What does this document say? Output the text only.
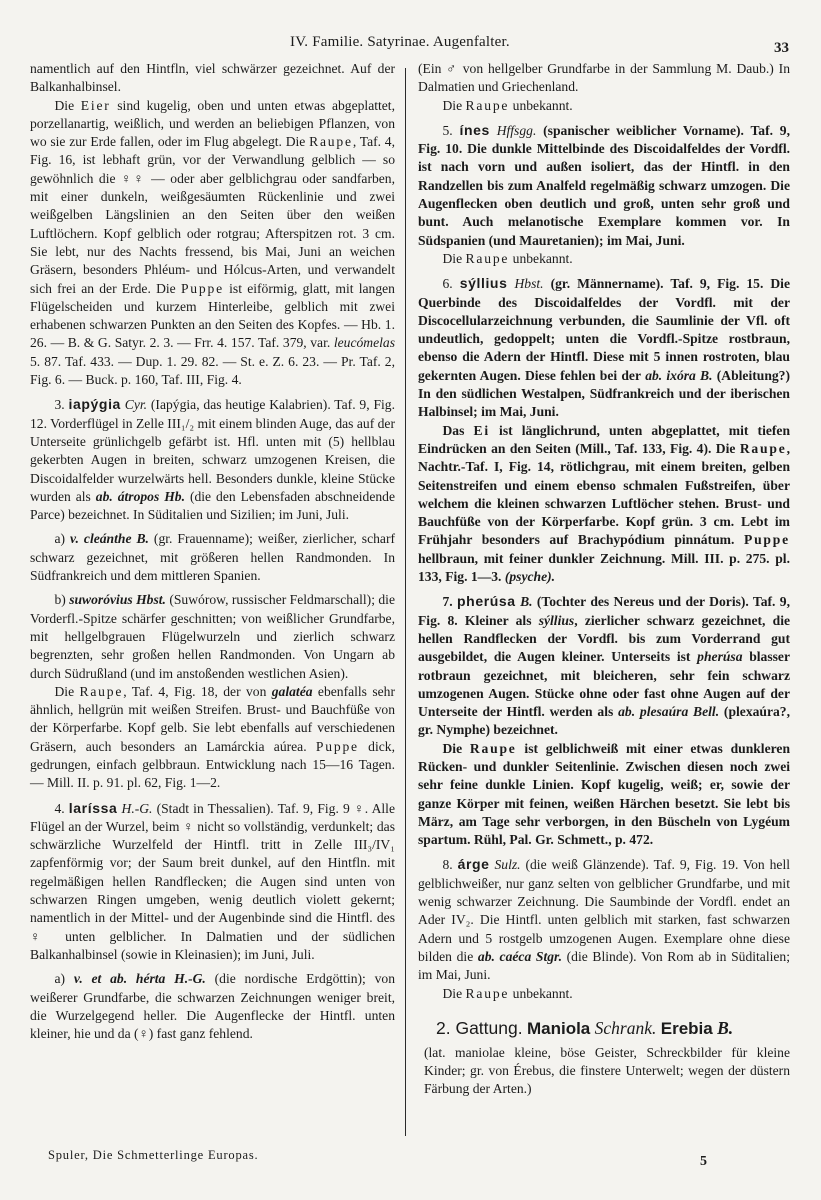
IV. Familie. Satyrinae. Augenfalter.	33

namentlich auf den Hintfln, viel schwärzer gezeichnet. Auf der Balkanhalbinsel.

Die Eier sind kugelig, oben und unten etwas abgeplattet, porzellanartig, weißlich, und werden an beliebigen Pflanzen, von wo sie zur Erde fallen, oder im Flug abgelegt. Die Raupe, Taf. 4, Fig. 16, ist lebhaft grün, vor der Verwandlung gelblich — so gewöhnlich die ♀♀ — oder aber gelblichgrau oder sandfarben, mit einer dunkeln, weißgesäumten Rückenlinie und zwei weißgelben Längslinien an den Seiten über den weißen Luftlöchern. Kopf gelblich oder rotgrau; Afterspitzen rot. 3 cm. Sie lebt, nur des Nachts fressend, bis Mai, Juni an weichen Gräsern, besonders Phléum- und Hólcus-Arten, und verwandelt sich frei an der Erde. Die Puppe ist eiförmig, glatt, mit langen Flügelscheiden und kurzem Hinterleibe, gelblich mit zwei erhabenen schwarzen Punkten an den Seiten des Kopfes. — Hb. 1. 26. — B. & G. Satyr. 2. 3. — Frr. 4. 157. Taf. 379, var. leucómelas 5. 87. Taf. 433. — Dup. 1. 29. 82. — St. e. Z. 6. 23. — Pr. Taf. 2, Fig. 6. — Buck. p. 160, Taf. III, Fig. 4.

3. iapýgia Cyr. (Iapýgia, das heutige Kalabrien). Taf. 9, Fig. 12. Vorderflügel in Zelle III₁/₂ mit einem blinden Auge, das auf der Unterseite grünlichgelb gefärbt ist. Hfl. unten mit (5) hellblau gekerbten Augen in breiten, schwarz umzogenen Kreisen, die Discoidalfelder wurzelwärts hell. Besonders dunkle, kleine Stücke wurden als ab. átropos Hb. (die den Lebensfaden abschneidende Parce) bezeichnet. In Süditalien und Sizilien; im Juni, Juli.

a) v. cleánthe B. (gr. Frauenname); weißer, zierlicher, scharf schwarz gezeichnet, mit größeren hellen Randmonden. In Südfrankreich und dem mittleren Spanien.

b) suworóvius Hbst. (Suwórow, russischer Feldmarschall); die Vorderfl.-Spitze schärfer geschnitten; von weißlicher Grundfarbe, mit hellgelbgrauen Flügelwurzeln und zierlich schwarz begrenzten, sehr großen hellen Randmonden. Von Ungarn ab durch Südrußland (und im anstoßenden westlichen Asien).

Die Raupe, Taf. 4, Fig. 18, der von galatéa ebenfalls sehr ähnlich, hellgrün mit weißen Streifen. Brust- und Bauchfüße von der Körperfarbe. Kopf gelb. Sie lebt ebenfalls auf verschiedenen Gräsern, auch besonders an Lamárckia aúrea. Puppe dick, gedrungen, einfach gelbbraun. Entwicklung nach 15—16 Tagen. — Mill. II. p. 91. pl. 62, Fig. 1—2.

4. laríssa H.-G. (Stadt in Thessalien). Taf. 9, Fig. 9 ♀. Alle Flügel an der Wurzel, beim ♀ nicht so vollständig, verdunkelt; das schwärzliche Wurzelfeld der Hintfl. tritt in Zelle III₃/IV₁ zapfenförmig vor; der Saum breit dunkel, auf den Hintfln. mit regelmäßigen hellen Randflecken; die Augen sind unten von schwarzen Ringen umgeben, wenig deutlich violett gekernt; namentlich in der Mittel- und der Augenbinde sind die Hintfl. des ♀ unten gelblicher. In Dalmatien und der südlichen Balkanhalbinsel (sowie in Kleinasien); im Juni, Juli.

a) v. et ab. hérta H.-G. (die nordische Erdgöttin); von weißerer Grundfarbe, die schwarzen Zeichnungen weniger breit, die Wurzelgegend heller. Die Augenflecke der Hintfl. unten kleiner, hie und da (♀) fast ganz fehlend.

(Ein ♂ von hellgelber Grundfarbe in der Sammlung M. Daub.) In Dalmatien und Griechenland.

Die Raupe unbekannt.

5. ínes Hffsgg. (spanischer weiblicher Vorname). Taf. 9, Fig. 10. Die dunkle Mittelbinde des Discoidalfeldes der Vordfl. ist nach vorn und außen isoliert, das der Hintfl. in den Randzellen bis zum Analfeld regelmäßig schwarz umzogen. Die Augenflecken oben deutlich und groß, unten sehr groß und bunt. Auch melanotische Exemplare kommen vor. In Südspanien (und Mauretanien); im Mai, Juni.

Die Raupe unbekannt.

6. sýllius Hbst. (gr. Männername). Taf. 9, Fig. 15. Die Querbinde des Discoidalfeldes der Vordfl. mit der Discocellularzeichnung verbunden, die Saumlinie der Vfl. oft undeutlich, gedoppelt; unten die Vordfl.-Spitze rostbraun, ebenso die Adern der Hintfl. Diese mit 5 innen rostroten, blau gekernten Augen. Diese fehlen bei der ab. ixóra B. (Ableitung?) In den südlichen Westalpen, Südfrankreich und der iberischen Halbinsel; im Mai, Juni.

Das Ei ist länglichrund, unten abgeplattet, mit tiefen Eindrücken an den Seiten (Mill., Taf. 133, Fig. 4). Die Raupe, Nachtr.-Taf. I, Fig. 14, rötlichgrau, mit einem breiten, gelben Seitenstreifen und einem ebenso schmalen Fußstreifen, über welchem die kleinen schwarzen Luftlöcher stehen. Brust- und Bauchfüße von der Körperfarbe. Kopf grün. 3 cm. Lebt im Frühjahr besonders auf Brachypódium pinnátum. Puppe hellbraun, mit feiner dunkler Zeichnung. Mill. III. p. 275. pl. 133, Fig. 1—3. (psyche).

7. pherúsa B. (Tochter des Nereus und der Doris). Taf. 9, Fig. 8. Kleiner als sýllius, zierlicher schwarz gezeichnet, die hellen Randflecken der Vordfl. bis zum Vorderrand gut ausgebildet, die Augen kleiner. Unterseits ist pherúsa blasser rotbraun gezeichnet, mit bleicheren, sehr fein schwarz umzogenen Augen. Stücke ohne oder fast ohne Augen auf der Unterseite der Hintfl. werden als ab. plesaúra Bell. (plexaúra?, gr. Nymphe) bezeichnet.

Die Raupe ist gelblichweiß mit einer etwas dunkleren Rücken- und dunkler Seitenlinie. Zwischen diesen noch zwei sehr feine dunkle Linien. Kopf kugelig, weiß; er, sowie der ganze Körper mit feinen, weißen Härchen besetzt. Sie lebt bis März, am Tage sehr verborgen, in den Büscheln von Lygéum spartum. Rühl, Pal. Gr. Schmett., p. 472.

8. árge Sulz. (die weiß Glänzende). Taf. 9, Fig. 19. Von hell gelblichweißer, nur ganz selten von gelblicher Grundfarbe, und mit wenig schwarzer Zeichnung. Die Saumbinde der Vordfl. endet an Ader IV₂. Die Hintfl. unten gelblich mit starken, fast schwarzen Adern und 5 rostgelb umzogenen Augen. Exemplare ohne diese bilden die ab. caéca Stgr. (die Blinde). Von Rom ab in Süditalien; im Mai, Juni.

Die Raupe unbekannt.

2. Gattung. Maniola Schrank. Erebia B.

(lat. maniolae kleine, böse Geister, Schreckbilder für kleine Kinder; gr. von Érebus, die finstere Unterwelt; wegen der düstern Färbung der Arten.)

Spuler, Die Schmetterlinge Europas.	5
